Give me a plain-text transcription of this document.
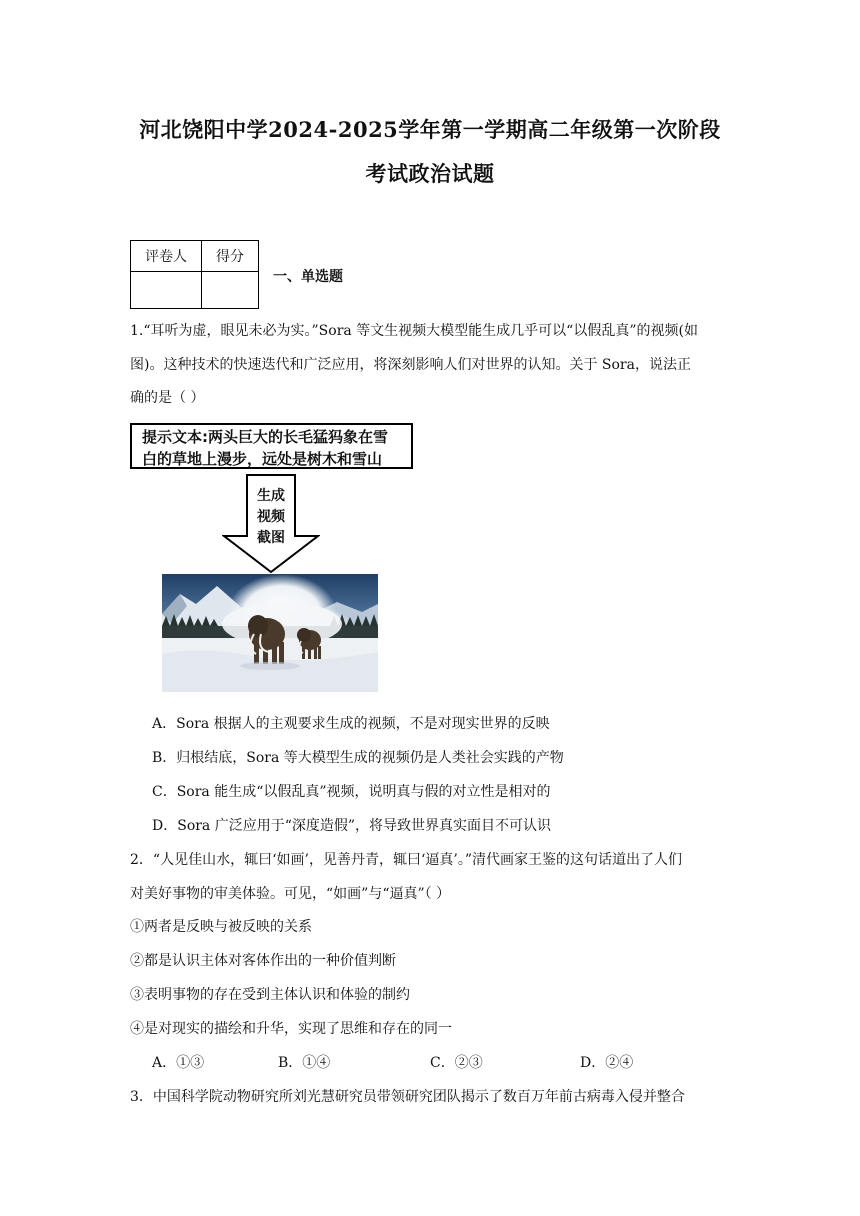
河北饶阳中学2024-2025学年第一学期高二年级第一次阶段
考试政治试题
评卷人	得分

一、单选题
1.“耳听为虚，眼见未必为实。”Sora 等文生视频大模型能生成几乎可以“以假乱真”的视频(如
图)。这种技术的快速迭代和广泛应用，将深刻影响人们对世界的认知。关于 Sora，说法正
确的是（ ）
提示文本:两头巨大的长毛猛犸象在雪
白的草地上漫步，远处是树木和雪山
生成
视频
截图
A．Sora 根据人的主观要求生成的视频，不是对现实世界的反映
B．归根结底，Sora 等大模型生成的视频仍是人类社会实践的产物
C．Sora 能生成“以假乱真”视频，说明真与假的对立性是相对的
D．Sora 广泛应用于“深度造假”，将导致世界真实面目不可认识
2．“人见佳山水，辄曰‘如画’，见善丹青，辄曰‘逼真’。”清代画家王鉴的这句话道出了人们
对美好事物的审美体验。可见，“如画”与“逼真”（ ）
①两者是反映与被反映的关系
②都是认识主体对客体作出的一种价值判断
③表明事物的存在受到主体认识和体验的制约
④是对现实的描绘和升华，实现了思维和存在的同一
A．①③	B．①④	C．②③	D．②④
3．中国科学院动物研究所刘光慧研究员带领研究团队揭示了数百万年前古病毒入侵并整合
